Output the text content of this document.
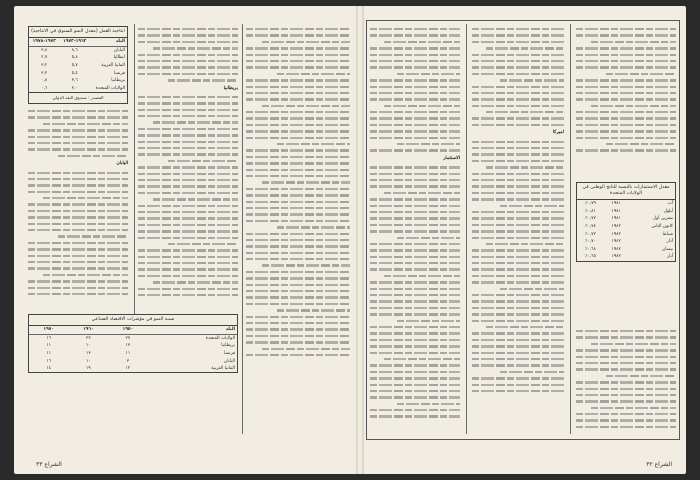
بريطانيا
اليابان
انتاجية العمل (معدل النمو السنوي في الانتاجية)
البلد	١٩٦٢-١٩٧٣	١٩٧٣-١٩٧٨
اليابان	٨,٦	٣,٨
ايطاليا	٥,٨	٢,٧
المانيا الغربية	٥,٧	٣,٢
فرنسا	٥,٤	٣,٢
بريطانيا	٣,٦	٠,٨
الولايات المتحدة	٢,٠	٠,٦
المصدر : صندوق النقد الدولي
نسبة النمو في مؤشرات الاقتصاد الصناعي
البلد	١٩٥٠	١٩٦٠	١٩٧٠
الولايات المتحدة	٢٧	٢٢	١٦
بريطانيا	١٣	١٠	١١
فرنسا	١١	١٣	١١
اليابان	٣	١٠	١٦
المانيا الغربية	١٢	١٩	١٤
الشراع ٣٣
معدل الاستثمارات بالنسبة للناتج الوطني في الولايات المتحدة
آب	١٩٨١	٠,٧٩٪
أيلول	١٩٨١	٠,٨١٪
تشرين أول	١٩٨١	٠,٧٧٪
كانون الثاني	١٩٨٢	٠,٧٤٪
شباط	١٩٨٢	٠,٧٢٪
آذار	١٩٨٢	٠,٧٠٪
نيسان	١٩٨٢	٠,٦٨٪
أيار	١٩٨٢	٠,٦٥٪
اميركا
الاستثمار
الشراع ٣٢
